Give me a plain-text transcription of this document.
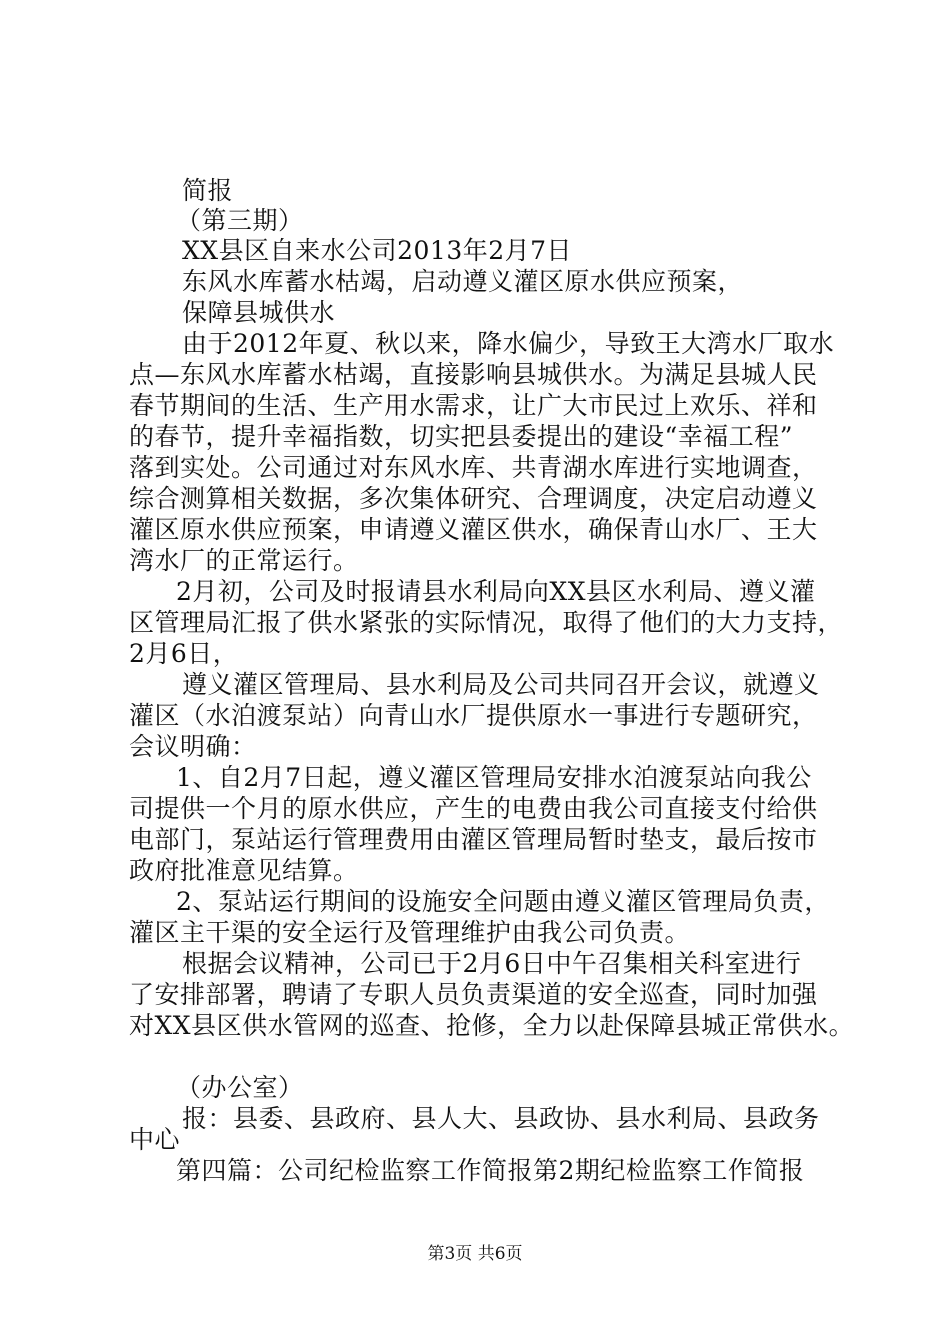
简报

（第三期）

XX县区自来水公司2013年2月7日

东风水库蓄水枯竭，启动遵义灌区原水供应预案，

保障县城供水

由于2012年夏、秋以来，降水偏少，导致王大湾水厂取水

点—东风水库蓄水枯竭，直接影响县城供水。为满足县城人民

春节期间的生活、生产用水需求，让广大市民过上欢乐、祥和

的春节，提升幸福指数，切实把县委提出的建设“幸福工程”

落到实处。公司通过对东风水库、共青湖水库进行实地调查，

综合测算相关数据，多次集体研究、合理调度，决定启动遵义

灌区原水供应预案，申请遵义灌区供水，确保青山水厂、王大

湾水厂的正常运行。

2月初，公司及时报请县水利局向XX县区水利局、遵义灌

区管理局汇报了供水紧张的实际情况，取得了他们的大力支持，

2月6日，

遵义灌区管理局、县水利局及公司共同召开会议，就遵义

灌区（水泊渡泵站）向青山水厂提供原水一事进行专题研究，

会议明确：

1、自2月7日起，遵义灌区管理局安排水泊渡泵站向我公

司提供一个月的原水供应，产生的电费由我公司直接支付给供

电部门，泵站运行管理费用由灌区管理局暂时垫支，最后按市

政府批准意见结算。

2、泵站运行期间的设施安全问题由遵义灌区管理局负责，

灌区主干渠的安全运行及管理维护由我公司负责。

根据会议精神，公司已于2月6日中午召集相关科室进行

了安排部署，聘请了专职人员负责渠道的安全巡查，同时加强

对XX县区供水管网的巡查、抢修，全力以赴保障县城正常供水。

（办公室）

报：县委、县政府、县人大、县政协、县水利局、县政务

中心

第四篇：公司纪检监察工作简报第2期纪检监察工作简报

第3页 共6页
